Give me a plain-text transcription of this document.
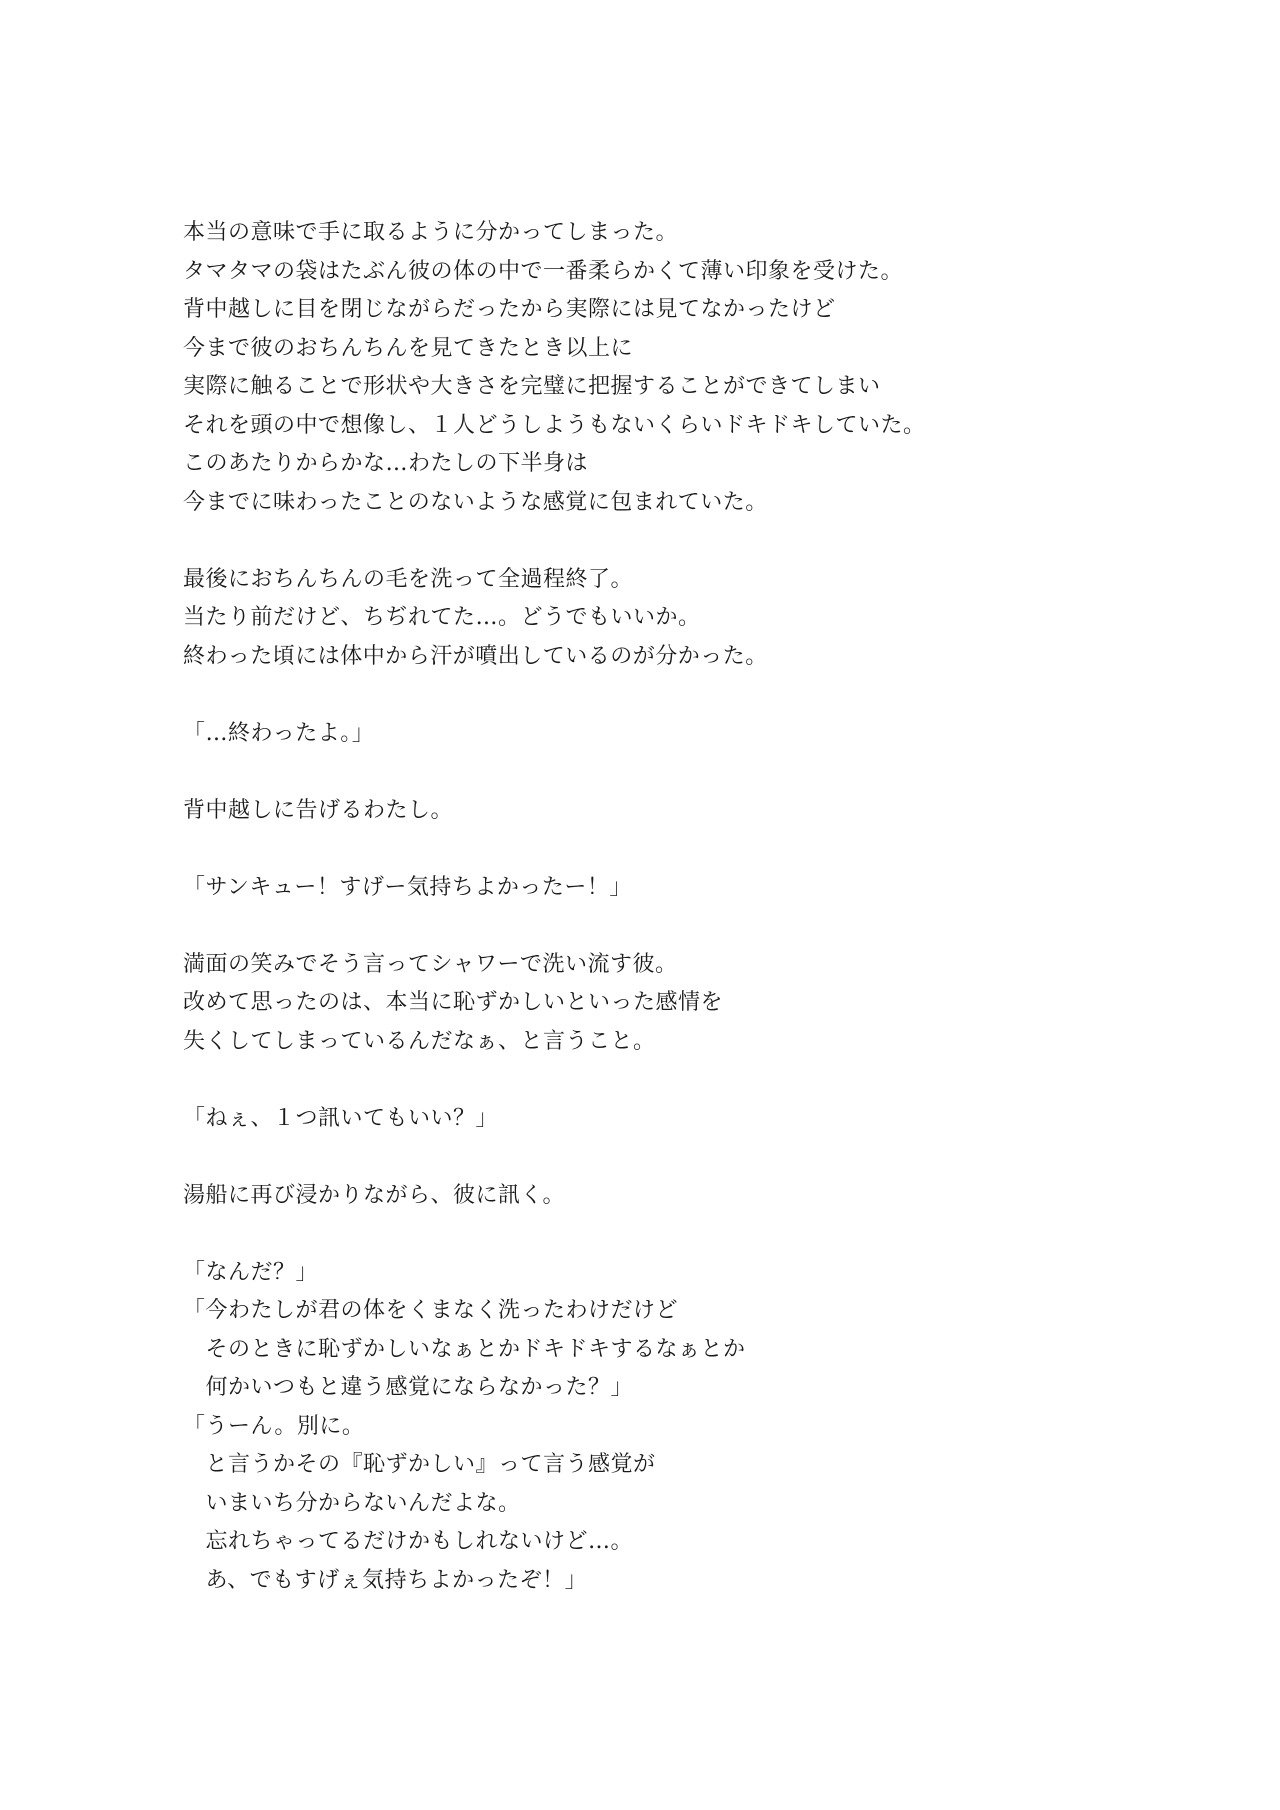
本当の意味で手に取るように分かってしまった。
タマタマの袋はたぶん彼の体の中で一番柔らかくて薄い印象を受けた。
背中越しに目を閉じながらだったから実際には見てなかったけど
今まで彼のおちんちんを見てきたとき以上に
実際に触ることで形状や大きさを完璧に把握することができてしまい
それを頭の中で想像し、１人どうしようもないくらいドキドキしていた。
このあたりからかな…わたしの下半身は
今までに味わったことのないような感覚に包まれていた。
最後におちんちんの毛を洗って全過程終了。
当たり前だけど、ちぢれてた…。どうでもいいか。
終わった頃には体中から汗が噴出しているのが分かった。
「…終わったよ。」
背中越しに告げるわたし。
「サンキュー！すげー気持ちよかったー！」
満面の笑みでそう言ってシャワーで洗い流す彼。
改めて思ったのは、本当に恥ずかしいといった感情を
失くしてしまっているんだなぁ、と言うこと。
「ねぇ、１つ訊いてもいい？」
湯船に再び浸かりながら、彼に訊く。
「なんだ？」
「今わたしが君の体をくまなく洗ったわけだけど
　そのときに恥ずかしいなぁとかドキドキするなぁとか
　何かいつもと違う感覚にならなかった？」
「うーん。別に。
　と言うかその『恥ずかしい』って言う感覚が
　いまいち分からないんだよな。
　忘れちゃってるだけかもしれないけど…。
　あ、でもすげぇ気持ちよかったぞ！」
